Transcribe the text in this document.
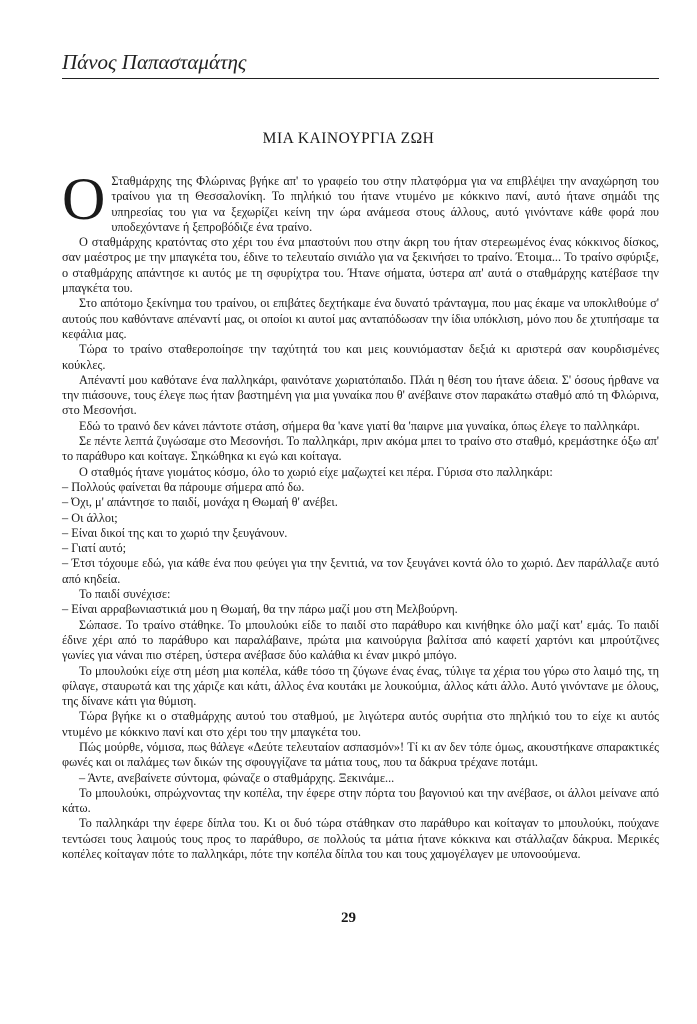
Πάνος Παπασταμάτης
ΜΙΑ ΚΑΙΝΟΥΡΓΙΑ ΖΩΗ

Ο Σταθμάρχης της Φλώρινας βγήκε απ' το γραφείο του στην πλατφόρμα για να επιβλέψει την αναχώρηση του τραίνου για τη Θεσσαλονίκη. Το πηλήκιό του ήτανε ντυμένο με κόκκινο πανί, αυτό ήτανε σημάδι της υπηρεσίας του για να ξεχωρίζει κείνη την ώρα ανάμεσα στους άλλους, αυτό γινόντανε κάθε φορά που υποδεχόντανε ή ξεπροβόδιζε ένα τραίνο.

Ο σταθμάρχης κρατόντας στο χέρι του ένα μπαστούνι που στην άκρη του ήταν στερεωμένος ένας κόκκινος δίσκος, σαν μαέστρος με την μπαγκέτα του, έδινε το τελευταίο σινιάλο για να ξεκινήσει το τραίνο. Έτοιμα... Το τραίνο σφύριξε, ο σταθμάρχης απάντησε κι αυτός με τη σφυρίχτρα του. Ήτανε σήματα, ύστερα απ' αυτά ο σταθμάρχης κατέβασε την μπαγκέτα του.

Στο απότομο ξεκίνημα του τραίνου, οι επιβάτες δεχτήκαμε ένα δυνατό τράνταγμα, που μας έκαμε να υποκλιθούμε σ' αυτούς που καθόντανε απέναντί μας, οι οποίοι κι αυτοί μας ανταπόδωσαν την ίδια υπόκλιση, μόνο που δε χτυπήσαμε τα κεφάλια μας.

Τώρα το τραίνο σταθεροποίησε την ταχύτητά του και μεις κουνιόμασταν δεξιά κι αριστερά σαν κουρδισμένες κούκλες.

Απέναντί μου καθότανε ένα παλληκάρι, φαινότανε χωριατόπαιδο. Πλάι η θέση του ήτανε άδεια. Σ' όσους ήρθανε να την πιάσουνε, τους έλεγε πως ήταν βαστημένη για μια γυναίκα που θ' ανέβαινε στον παρακάτω σταθμό από τη Φλώρινα, στο Μεσονήσι.

Εδώ το τραινό δεν κάνει πάντοτε στάση, σήμερα θα 'κανε γιατί θα 'παιρνε μια γυναίκα, όπως έλεγε το παλληκάρι.

Σε πέντε λεπτά ζυγώσαμε στο Μεσονήσι. Το παλληκάρι, πριν ακόμα μπει το τραίνο στο σταθμό, κρεμάστηκε όξω απ' το παράθυρο και κοίταγε. Σηκώθηκα κι εγώ και κοίταγα.

Ο σταθμός ήτανε γιομάτος κόσμο, όλο το χωριό είχε μαζωχτεί κει πέρα. Γύρισα στο παλληκάρι:

– Πολλούς φαίνεται θα πάρουμε σήμερα από δω.

– Όχι, μ' απάντησε το παιδί, μονάχα η Θωμαή θ' ανέβει.

– Οι άλλοι;

– Είναι δικοί της και το χωριό την ξευγάνουν.

– Γιατί αυτό;

– Έτσι τόχουμε εδώ, για κάθε ένα που φεύγει για την ξενιτιά, να τον ξευγάνει κοντά όλο το χωριό. Δεν παράλλαζε αυτό από κηδεία.

Το παιδί συνέχισε:

– Είναι αρραβωνιαστικιά μου η Θωμαή, θα την πάρω μαζί μου στη Μελβούρνη.

Σώπασε. Το τραίνο στάθηκε. Το μπουλούκι είδε το παιδί στο παράθυρο και κινήθηκε όλο μαζί κατ' εμάς. Το παιδί έδινε χέρι από το παράθυρο και παραλάβαινε, πρώτα μια καινούργια βαλίτσα από καφετί χαρτόνι και μπρούτζινες γωνίες για νάναι πιο στέρεη, ύστερα ανέβασε δύο καλάθια κι έναν μικρό μπόγο.

Το μπουλούκι είχε στη μέση μια κοπέλα, κάθε τόσο τη ζύγωνε ένας ένας, τύλιγε τα χέρια του γύρω στο λαιμό της, τη φίλαγε, σταυρωτά και της χάριζε και κάτι, άλλος ένα κουτάκι με λουκούμια, άλλος κάτι άλλο. Αυτό γινόντανε με όλους, της δίνανε κάτι για θύμιση.

Τώρα βγήκε κι ο σταθμάρχης αυτού του σταθμού, με λιγώτερα αυτός συρήτια στο πηλήκιό του το είχε κι αυτός ντυμένο με κόκκινο πανί και στο χέρι του την μπαγκέτα του.

Πώς μούρθε, νόμισα, πως θάλεγε «Δεύτε τελευταίον ασπασμόν»! Τί κι αν δεν τόπε όμως, ακουστήκανε σπαρακτικές φωνές και οι παλάμες των δικών της σφουγγίζανε τα μάτια τους, που τα δάκρυα τρέχανε ποτάμι.

– Άντε, ανεβαίνετε σύντομα, φώναζε ο σταθμάρχης. Ξεκινάμε...

Το μπουλούκι, σπρώχνοντας την κοπέλα, την έφερε στην πόρτα του βαγονιού και την ανέβασε, οι άλλοι μείνανε από κάτω.

Το παλληκάρι την έφερε δίπλα του. Κι οι δυό τώρα στάθηκαν στο παράθυρο και κοίταγαν το μπουλούκι, πούχανε τεντώσει τους λαιμούς τους προς το παράθυρο, σε πολλούς τα μάτια ήτανε κόκκινα και στάλλαζαν δάκρυα. Μερικές κοπέλες κοίταγαν πότε το παλληκάρι, πότε την κοπέλα δίπλα του και τους χαμογέλαγεν με υπονοούμενα.

29
